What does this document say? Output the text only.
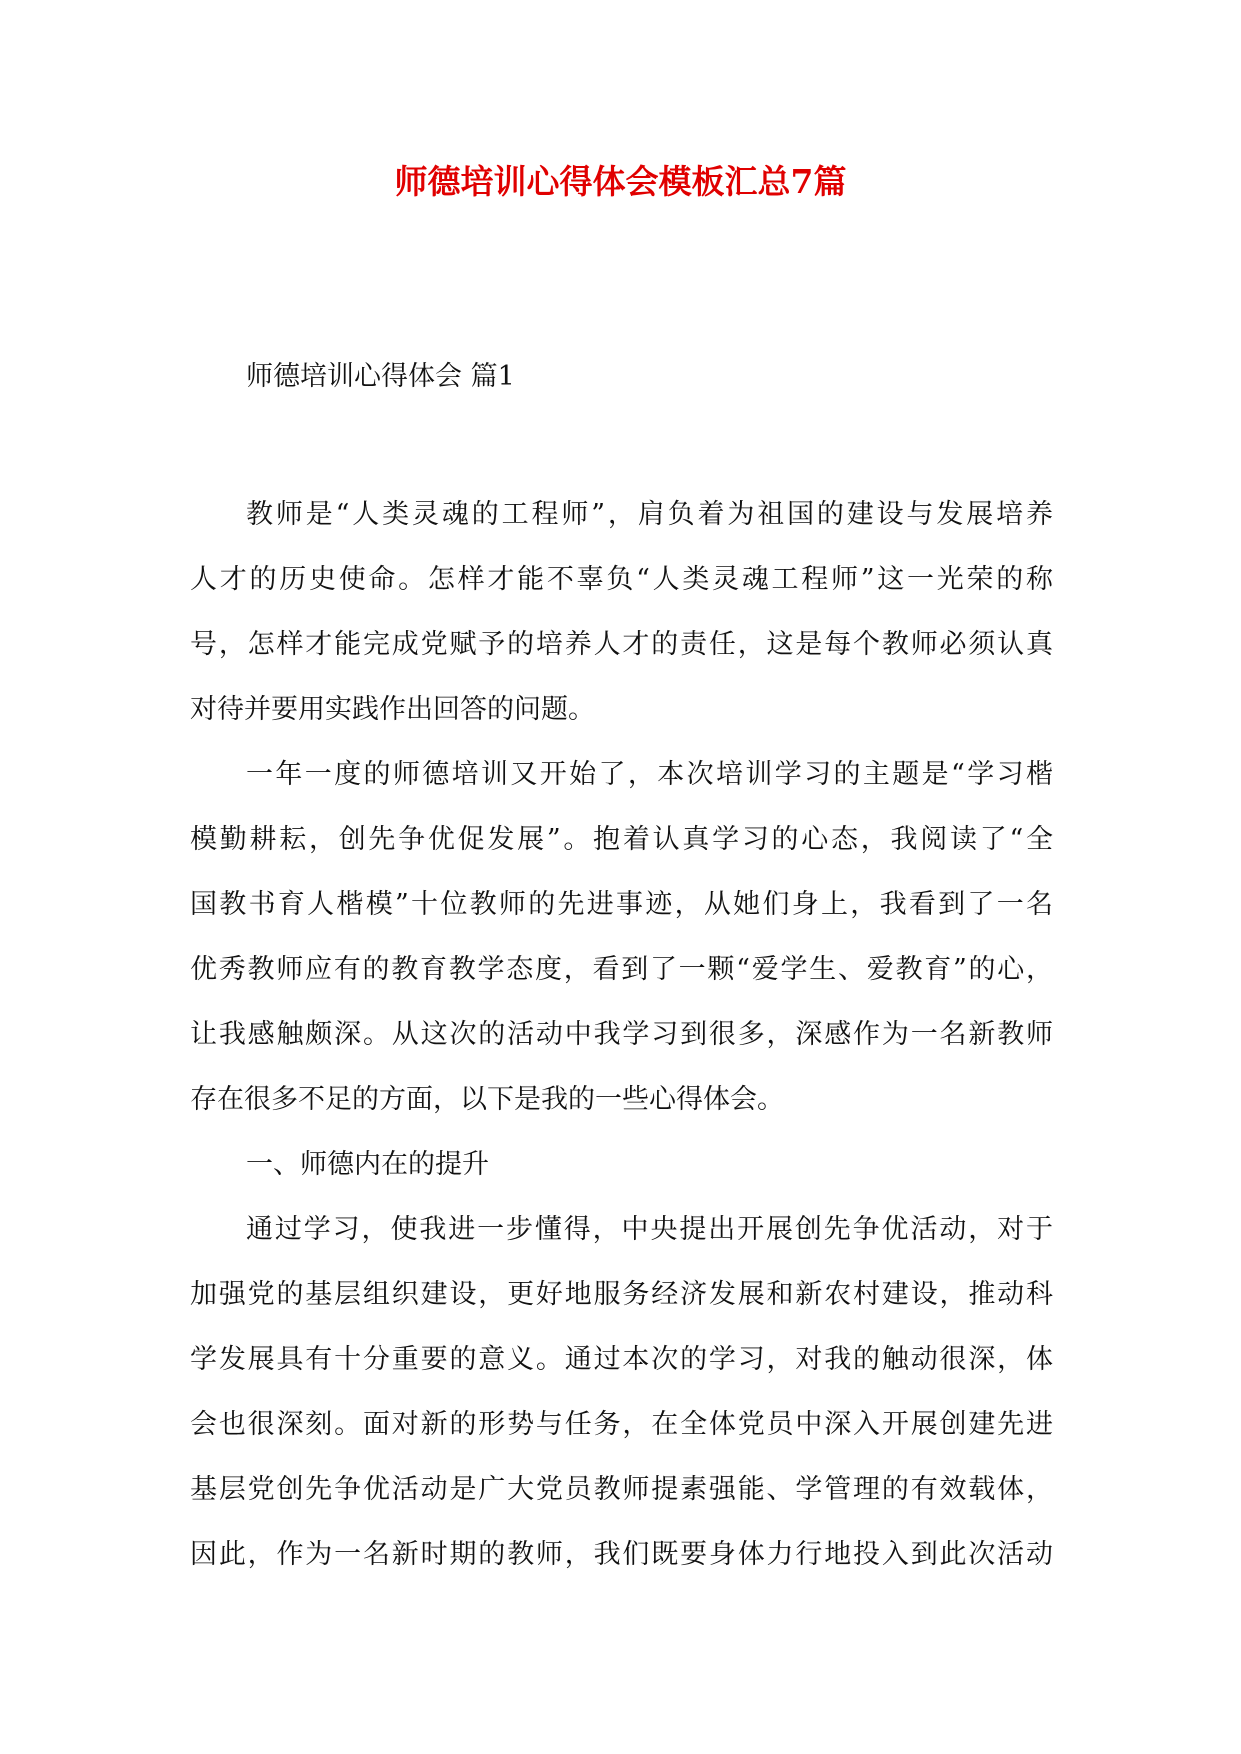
师德培训心得体会模板汇总7篇

师德培训心得体会 篇1

教师是“人类灵魂的工程师”，肩负着为祖国的建设与发展培养
人才的历史使命。怎样才能不辜负“人类灵魂工程师”这一光荣的称
号，怎样才能完成党赋予的培养人才的责任，这是每个教师必须认真
对待并要用实践作出回答的问题。
一年一度的师德培训又开始了，本次培训学习的主题是“学习楷
模勤耕耘，创先争优促发展”。抱着认真学习的心态，我阅读了“全
国教书育人楷模”十位教师的先进事迹，从她们身上，我看到了一名
优秀教师应有的教育教学态度，看到了一颗“爱学生、爱教育”的心，
让我感触颇深。从这次的活动中我学习到很多，深感作为一名新教师
存在很多不足的方面，以下是我的一些心得体会。
一、师德内在的提升
通过学习，使我进一步懂得，中央提出开展创先争优活动，对于
加强党的基层组织建设，更好地服务经济发展和新农村建设，推动科
学发展具有十分重要的意义。通过本次的学习，对我的触动很深，体
会也很深刻。面对新的形势与任务，在全体党员中深入开展创建先进
基层党创先争优活动是广大党员教师提素强能、学管理的有效载体，
因此，作为一名新时期的教师，我们既要身体力行地投入到此次活动
